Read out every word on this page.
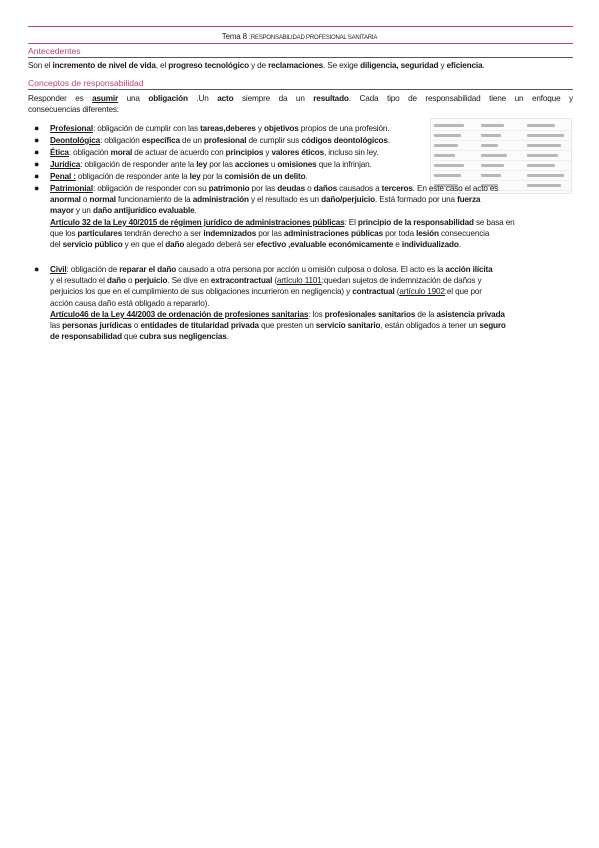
Tema 8 :RESPONSABILIDAD PROFESIONAL SANITARIA
Antecedentes
Son el incremento de nivel de vida, el progreso tecnológico y de reclamaciones. Se exige diligencia, seguridad y eficiencia.
Conceptos de responsabilidad
Responder es asumir una obligación .Un acto siempre da un resultado. Cada tipo de responsabilidad tiene un enfoque y
consecuencias diferentes:
● Profesional: obligación de cumplir con las tareas,deberes y objetivos propios de una profesión.
● Deontológica: obligación específica de un profesional de cumplir sus códigos deontológicos.
● Ética: obligación moral de actuar de acuerdo con principios y valores éticos, incluso sin ley.
● Jurídica: obligación de responder ante la ley por las acciones u omisiones que la infrinjan.
● Penal : obligación de responder ante la ley por la comisión de un delito.
● Patrimonial: obligación de responder con su patrimonio por las deudas o daños causados a terceros. En este caso el acto es
anormal o normal funcionamiento de la administración y el resultado es un daño/perjuicio. Está formado por una fuerza
mayor y un daño antijurídico evaluable.
Artículo 32 de la Ley 40/2015 de régimen jurídico de administraciones públicas: El principio de la responsabilidad se basa en
que los particulares tendrán derecho a ser indemnizados por las administraciones públicas por toda lesión consecuencia
del servicio público y en que el daño alegado deberá ser efectivo ,evaluable económicamente e individualizado.
● Civil: obligación de reparar el daño causado a otra persona por acción u omisión culposa o dolosa. El acto es la acción ilícita
y el resultado el daño o perjuicio. Se dive en extracontractual (artículo 1101:quedan sujetos de indemnización de daños y
perjuicios los que en el cumplimiento de sus obligaciones incurrieron en negligencia) y contractual (artículo 1902:el que por
acción causa daño está obligado a repararlo).
Artículo46 de la Ley 44/2003 de ordenación de profesiones sanitarias: los profesionales sanitarios de la asistencia privada
las personas jurídicas o entidades de titularidad privada que presten un servicio sanitario, están obligados a tener un seguro
de responsabilidad que cubra sus negligencias.
